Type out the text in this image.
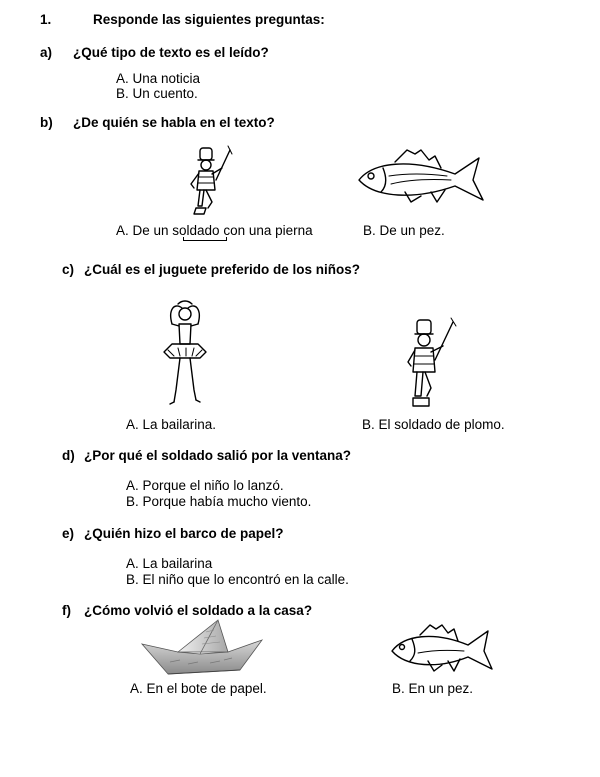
1.	Responde las siguientes preguntas:
a) ¿Qué tipo de texto es el leído?
A. Una noticia
B. Un cuento.
b) ¿De quién se habla en el texto?
A. De un soldado con una pierna	B. De un pez.
c) ¿Cuál es el juguete preferido de los niños?
A. La bailarina.	B. El soldado de plomo.
d) ¿Por qué el soldado salió por la ventana?
A. Porque el niño lo lanzó.
B. Porque había mucho viento.
e) ¿Quién hizo el barco de papel?
A. La bailarina
B. El niño que lo encontró en la calle.
f) ¿Cómo volvió el soldado a la casa?
A. En el bote de papel.	B. En un pez.
